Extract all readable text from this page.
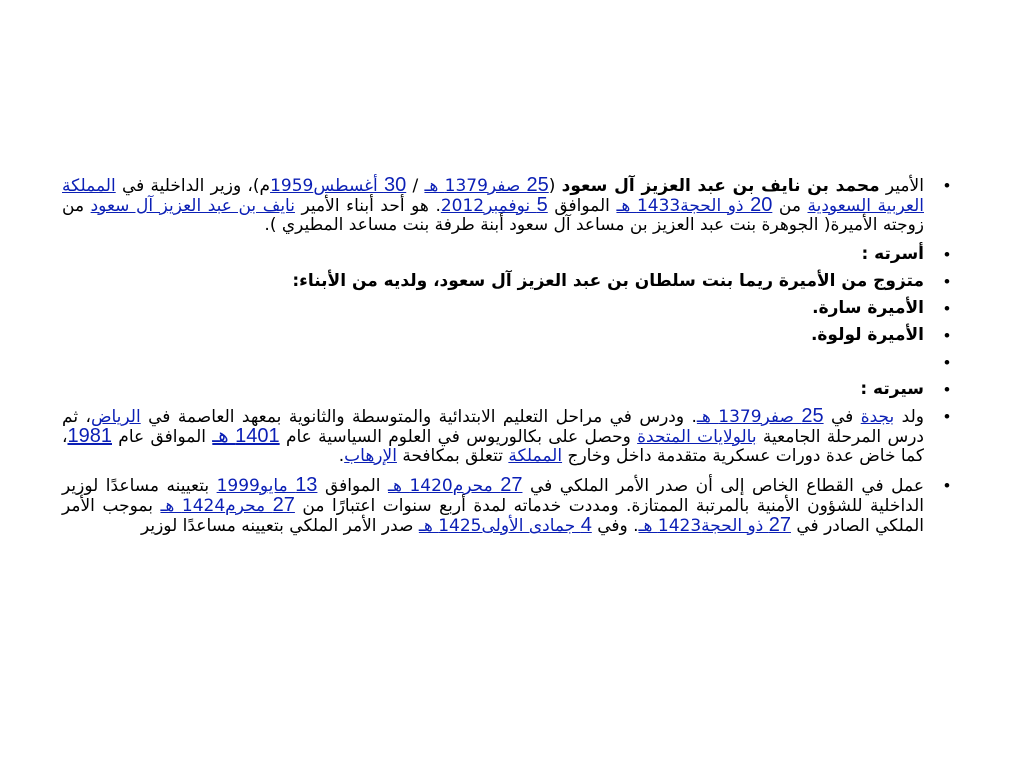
•
الأمير محمد بن نايف بن عبد العزيز آل سعود (25 صفر1379 هـ / 30 أغسطس1959م)، وزير الداخلية في المملكة العربية السعودية من 20 ذو الحجة1433 هـ الموافق 5 نوفمبر2012. هو أحد أبناء الأمير نايف بن عبد العزيز آل سعود من زوجته الأميرة( الجوهرة بنت عبد العزيز بن مساعد آل سعود أبنة طرفة بنت مساعد المطيري ).
•
أسرته :
•
متزوج من الأميرة ريما بنت سلطان بن عبد العزيز آل سعود، ولديه من الأبناء:
•
الأميرة سارة.
•
الأميرة لولوة.
•

•
سيرته :
•
ولد بجدة في 25 صفر1379 هـ. ودرس في مراحل التعليم الابتدائية والمتوسطة والثانوية بمعهد العاصمة في الرياض، ثم درس المرحلة الجامعية بالولايات المتحدة وحصل على بكالوريوس في العلوم السياسية عام 1401 هـ الموافق عام 1981، كما خاض عدة دورات عسكرية متقدمة داخل وخارج المملكة تتعلق بمكافحة الإرهاب.
•
عمل في القطاع الخاص إلى أن صدر الأمر الملكي في 27 محرم1420 هـ الموافق 13 مايو1999 بتعيينه مساعدًا لوزير الداخلية للشؤون الأمنية بالمرتبة الممتازة. ومددت خدماته لمدة أربع سنوات اعتبارًا من 27 محرم1424 هـ بموجب الأمر الملكي الصادر في 27 ذو الحجة1423 هـ. وفي 4 جمادى الأولى1425 هـ صدر الأمر الملكي بتعيينه مساعدًا لوزير
